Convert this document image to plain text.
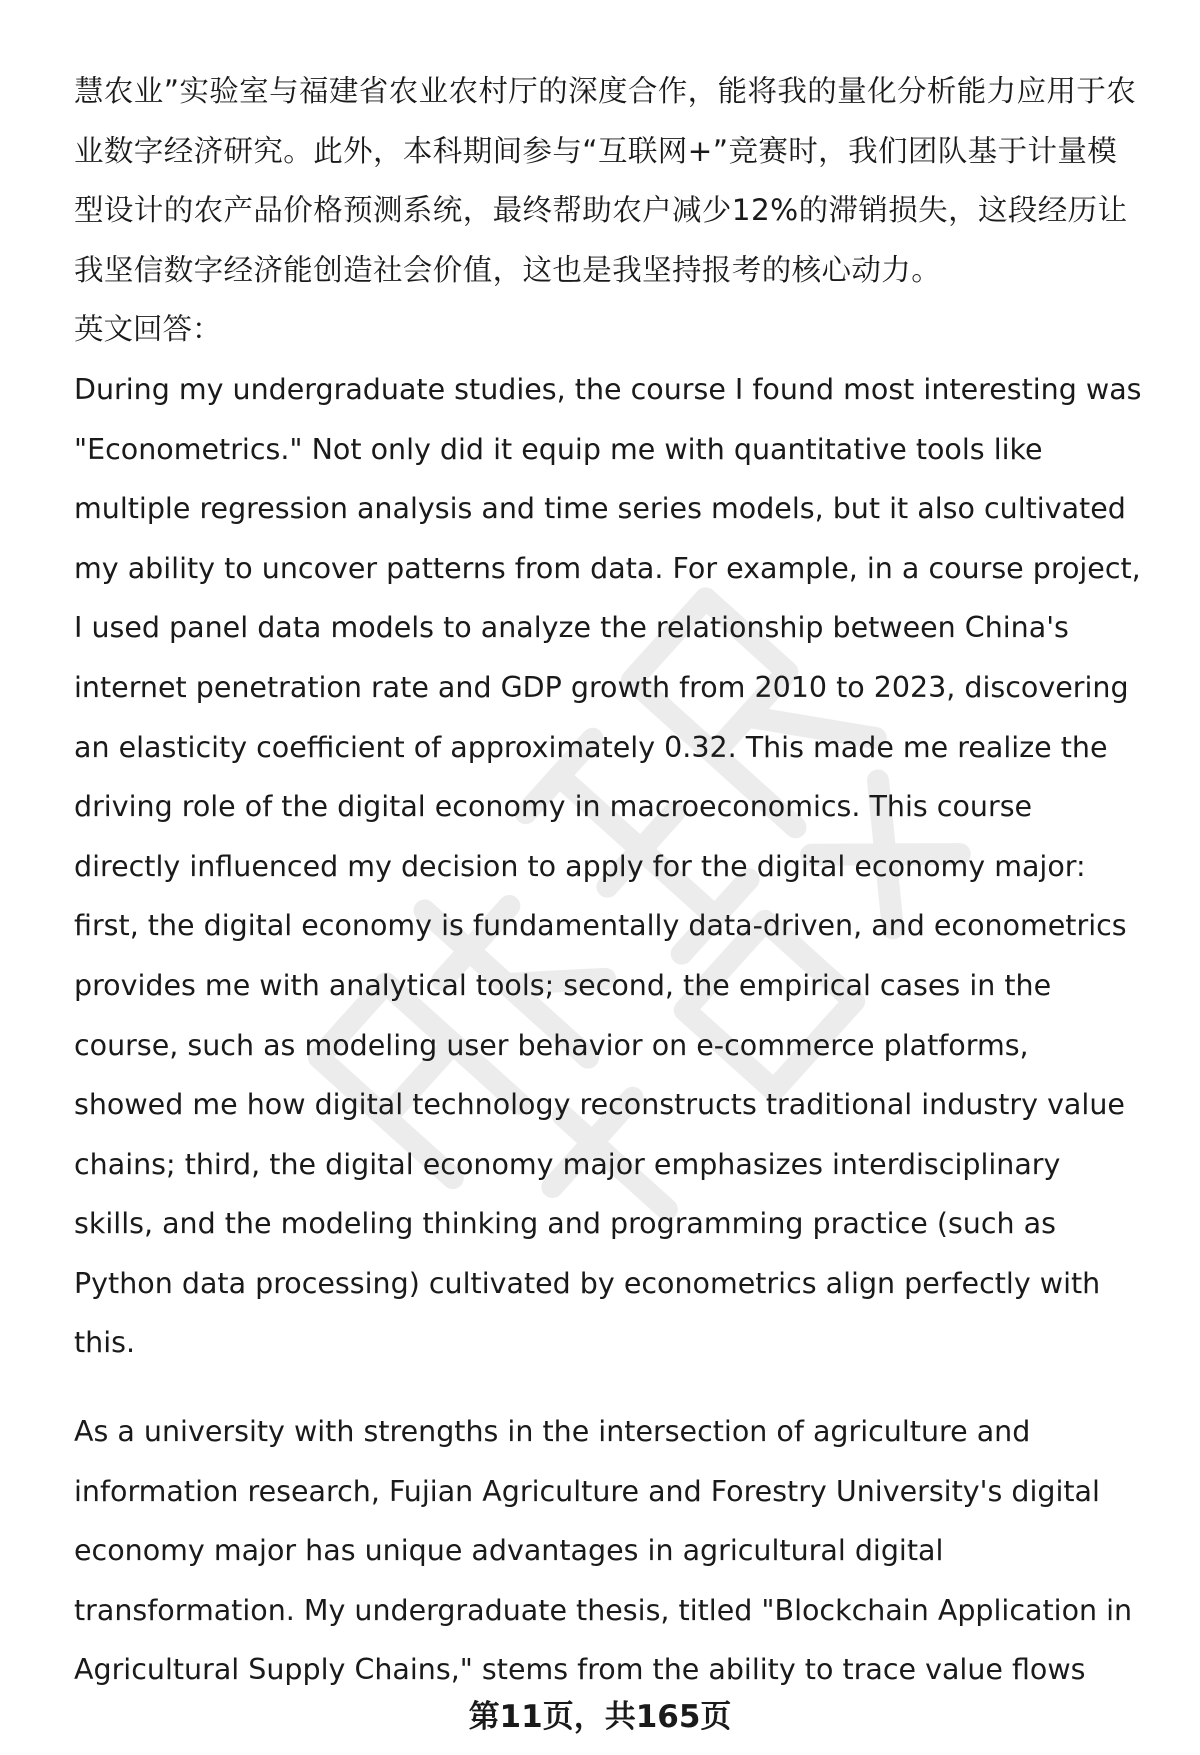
慧农业”实验室与福建省农业农村厅的深度合作，能将我的量化分析能力应用于农业数字经济研究。此外，本科期间参与“互联网+”竞赛时，我们团队基于计量模型设计的农产品价格预测系统，最终帮助农户减少12%的滞销损失，这段经历让我坚信数字经济能创造社会价值，这也是我坚持报考的核心动力。

英文回答：

During my undergraduate studies, the course I found most interesting was "Econometrics." Not only did it equip me with quantitative tools like multiple regression analysis and time series models, but it also cultivated my ability to uncover patterns from data. For example, in a course project, I used panel data models to analyze the relationship between China's internet penetration rate and GDP growth from 2010 to 2023, discovering an elasticity coefficient of approximately 0.32. This made me realize the driving role of the digital economy in macroeconomics. This course directly influenced my decision to apply for the digital economy major: first, the digital economy is fundamentally data-driven, and econometrics provides me with analytical tools; second, the empirical cases in the course, such as modeling user behavior on e-commerce platforms, showed me how digital technology reconstructs traditional industry value chains; third, the digital economy major emphasizes interdisciplinary skills, and the modeling thinking and programming practice (such as Python data processing) cultivated by econometrics align perfectly with this.

As a university with strengths in the intersection of agriculture and information research, Fujian Agriculture and Forestry University's digital economy major has unique advantages in agricultural digital transformation. My undergraduate thesis, titled "Blockchain Application in Agricultural Supply Chains," stems from the ability to trace value flows

第11页，共165页
